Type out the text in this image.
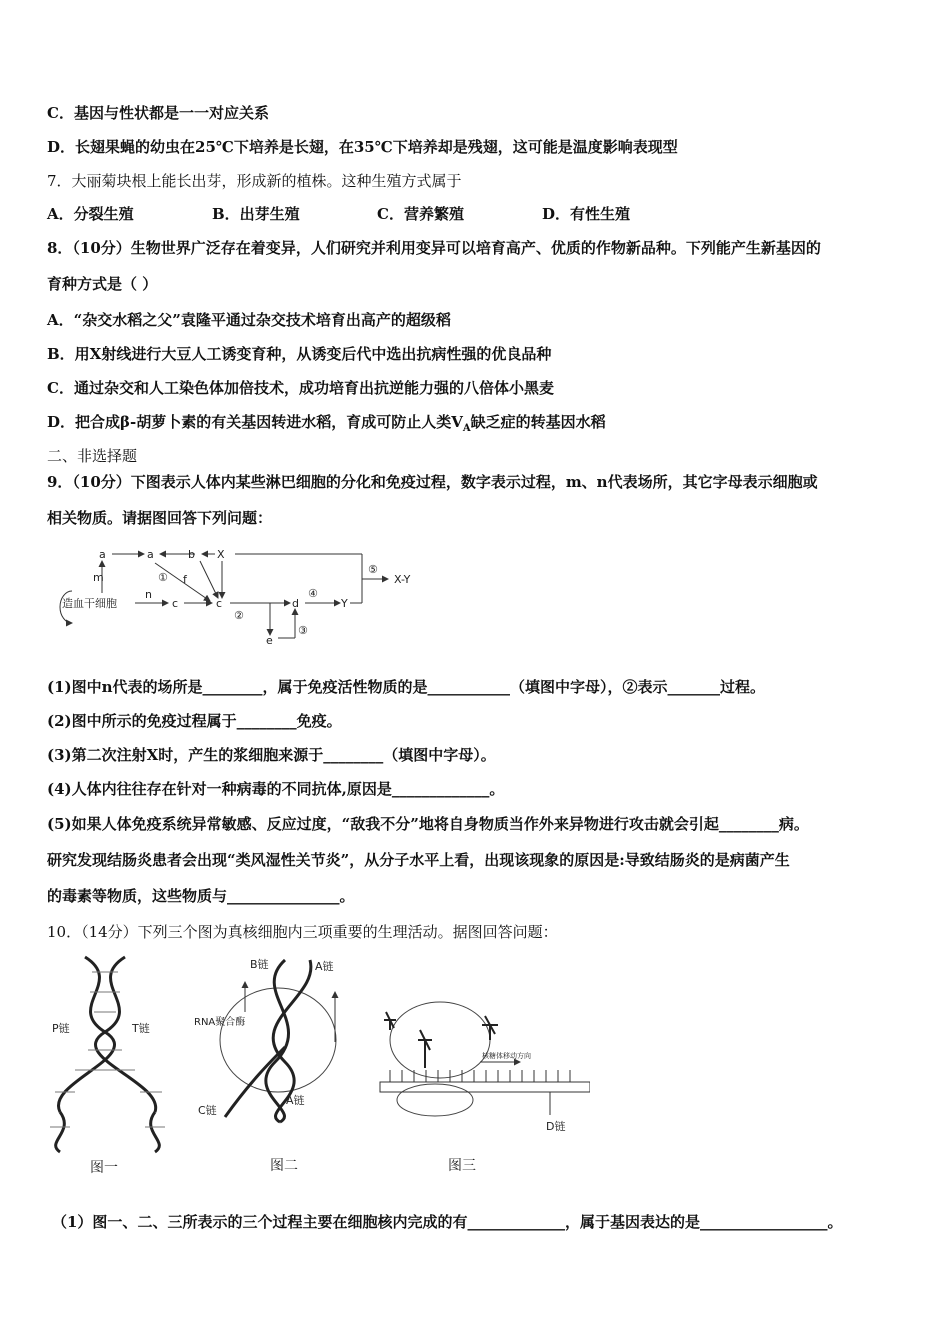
C．基因与性状都是一一对应关系
D．长翅果蝇的幼虫在25℃下培养是长翅，在35℃下培养却是残翅，这可能是温度影响表现型
7．大丽菊块根上能长出芽，形成新的植株。这种生殖方式属于
A．分裂生殖	B．出芽生殖	C．营养繁殖	D．有性生殖
8．（10分）生物世界广泛存在着变异，人们研究并利用变异可以培育高产、优质的作物新品种。下列能产生新基因的
育种方式是（ ）
A．“杂交水稻之父”袁隆平通过杂交技术培育出高产的超级稻
B．用X射线进行大豆人工诱变育种，从诱变后代中选出抗病性强的优良品种
C．通过杂交和人工染色体加倍技术，成功培育出抗逆能力强的八倍体小黑麦
D．把合成β-胡萝卜素的有关基因转进水稻，育成可防止人类$V_A$缺乏症的转基因水稻
二、非选择题
9．（10分）下图表示人体内某些淋巴细胞的分化和免疫过程，数字表示过程，m、n代表场所，其它字母表示细胞或
相关物质。请据图回答下列问题：
造血干细胞
m
n
a	a	b X
f
c	c	d
e
Y
X-Y
①
②
③
④
⑤
(1)图中n代表的场所是________，属于免疫活性物质的是___________（填图中字母），②表示_______过程。
(2)图中所示的免疫过程属于________免疫。
(3)第二次注射X时，产生的浆细胞来源于________（填图中字母）。
(4)人体内往往存在针对一种病毒的不同抗体,原因是_____________。
(5)如果人体免疫系统异常敏感、反应过度，“敌我不分”地将自身物质当作外来异物进行攻击就会引起________病。
研究发现结肠炎患者会出现“类风湿性关节炎”，从分子水平上看，出现该现象的原因是:导致结肠炎的是病菌产生
的毒素等物质，这些物质与_______________。
10．（14分）下列三个图为真核细胞内三项重要的生理活动。据图回答问题：
P链	T链
图一
B链	A链
RNA聚合酶
C链
A链
图二
核糖体移动方向
D链
图三
（1）图一、二、三所表示的三个过程主要在细胞核内完成的有_____________，属于基因表达的是_________________。
